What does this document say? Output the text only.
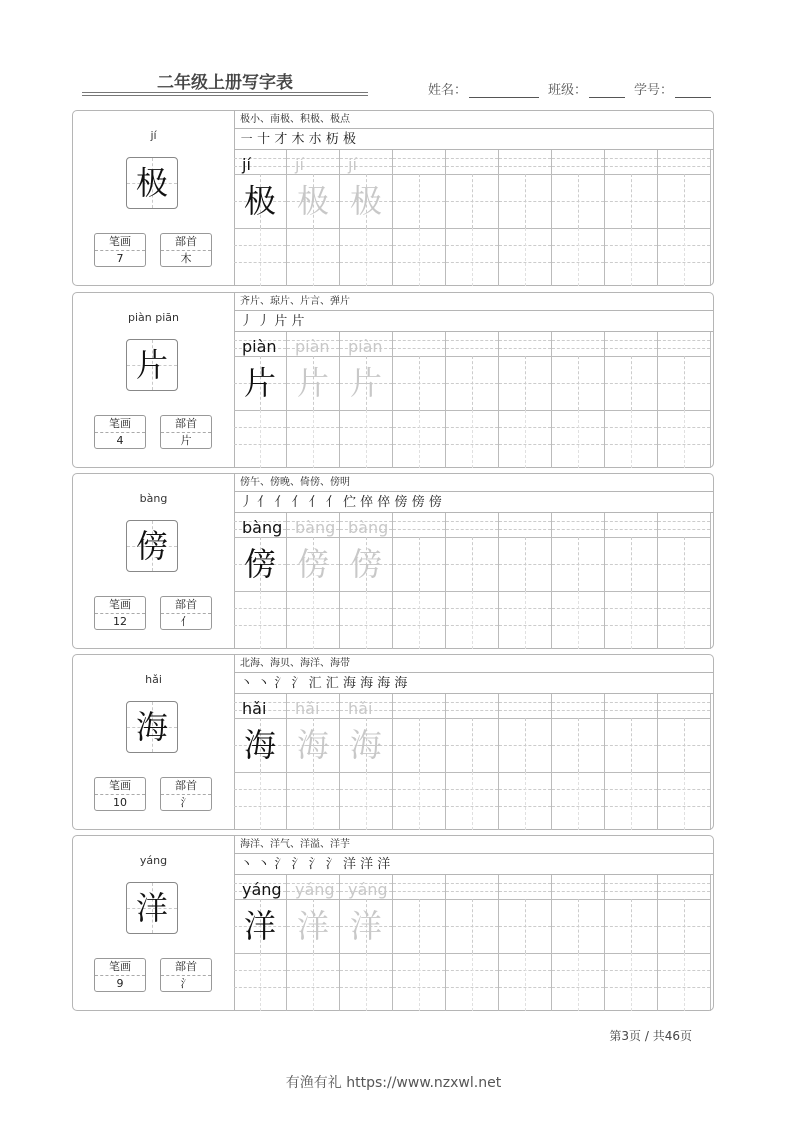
二年级上册写字表	姓名：	班级：	学号：
jí
极
笔画
7
部首
木
极小、南极、积极、极点
㇐ 十 才 木 朩 杤 极
jí
极
jí
极
jí
极
piàn piān
片
笔画
4
部首
片
齐片、琼片、片言、弹片
丿 丿 片 片
piàn
片
piàn
片
piàn
片
bàng
傍
笔画
12
部首
亻
傍午、傍晚、倚傍、傍明
丿 亻 亻 亻 亻 亻 伫 倅 倅 傍 傍 傍
bàng
傍
bàng
傍
bàng
傍
hǎi
海
笔画
10
部首
氵
北海、海贝、海洋、海带
丶 丶 氵 氵 汇 汇 海 海 海 海
hǎi
海
hǎi
海
hǎi
海
yáng
洋
笔画
9
部首
氵
海洋、洋气、洋溢、洋芋
丶 丶 氵 氵 氵 氵 洋 洋 洋
yáng
洋
yáng
洋
yáng
洋
第3页 / 共46页
有渔有礼 https://www.nzxwl.net
